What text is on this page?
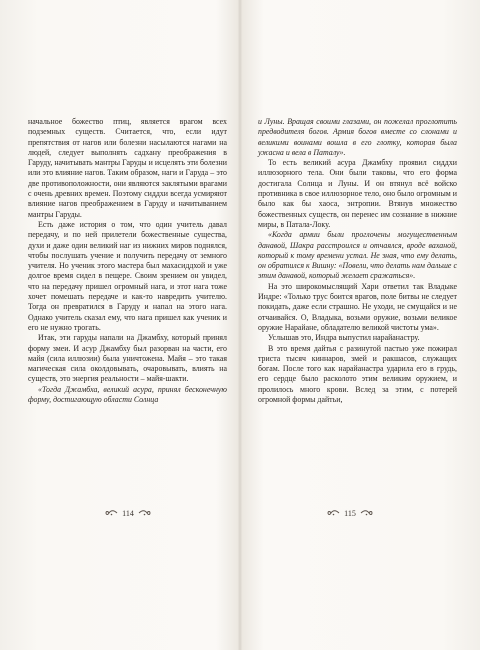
начальное божество птиц, является врагом всех подземных существ. Считается, что, если идут препятствия от нагов или болезни насылаются нагами на людей, следует выполнять садхану преображения в Гаруду, начитывать мантры Гаруды и исцелять эти болезни или это влияние нагов. Таким образом, наги и Гаруда – это две противоположности, они являются заклятыми врагами с очень древних времен. Поэтому сиддхи всегда усмиряют влияние нагов преображением в Гаруду и начитыванием мантры Гаруды.

Есть даже история о том, что один учитель давал передачу, и по ней прилетели божественные существа, духи и даже один великий наг из нижних миров поднялся, чтобы послушать учение и получить передачу от земного учителя. Но ученик этого мастера был махасиддхой и уже долгое время сидел в пещере. Своим зрением он увидел, что на передачу пришел огромный нага, и этот нага тоже хочет помешать передаче и как-то навредить учителю. Тогда он превратился в Гаруду и напал на этого нага. Однако учитель сказал ему, что нага пришел как ученик и его не нужно трогать.

Итак, эти гаруды напали на Джамбху, который принял форму змеи. И асур Джамбху был разорван на части, его майя (сила иллюзии) была уничтожена. Майя – это такая магическая сила околдовывать, очаровывать, влиять на существ, это энергия реальности – майя-шакти.

«Тогда Джамбха, великий асура, принял бесконечную форму, достигающую области Солнца

114

и Луны. Вращая своими глазами, он пожелал проглотить предводителя богов. Армия богов вместе со слонами и великими воинами вошла в его глотку, которая была ужасна и вела в Паталу».

То есть великий асура Джамбху проявил сиддхи иллюзорного тела. Они были таковы, что его форма достигала Солнца и Луны. И он втянул всё войско противника в свое иллюзорное тело, оно было огромным и было как бы хаоса, энтропии. Втянув множество божественных существ, он перенес им сознание в нижние миры, в Патала-Локу.

«Когда армии были проглочены могущественным данавой, Шакра расстроился и отчаялся, вроде ваханой, который к тому времени устал. Не зная, что ему делать, он обратился к Вишну: «Повели, что делать нам дальше с этим данавой, который желает сражаться».

На это широкомыслящий Хари ответил так Владыке Индре: «Только трус боится врагов, поле битвы не следует покидать, даже если страшно. Не уходи, не смущайся и не отчаивайся. О, Владыка, возьми оружие, возьми великое оружие Нарайане, обладателю великой чистоты ума».

Услышав это, Индра выпустил нарайанастру.

В это время дайтья с разинутой пастью уже пожирал триста тысяч киннаров, змей и ракшасов, служащих богам. После того как нарайанастра ударила его в грудь, его сердце было расколото этим великим оружием, и пролилось много крови. Вслед за этим, с потерей огромной формы дайтьи,

115
